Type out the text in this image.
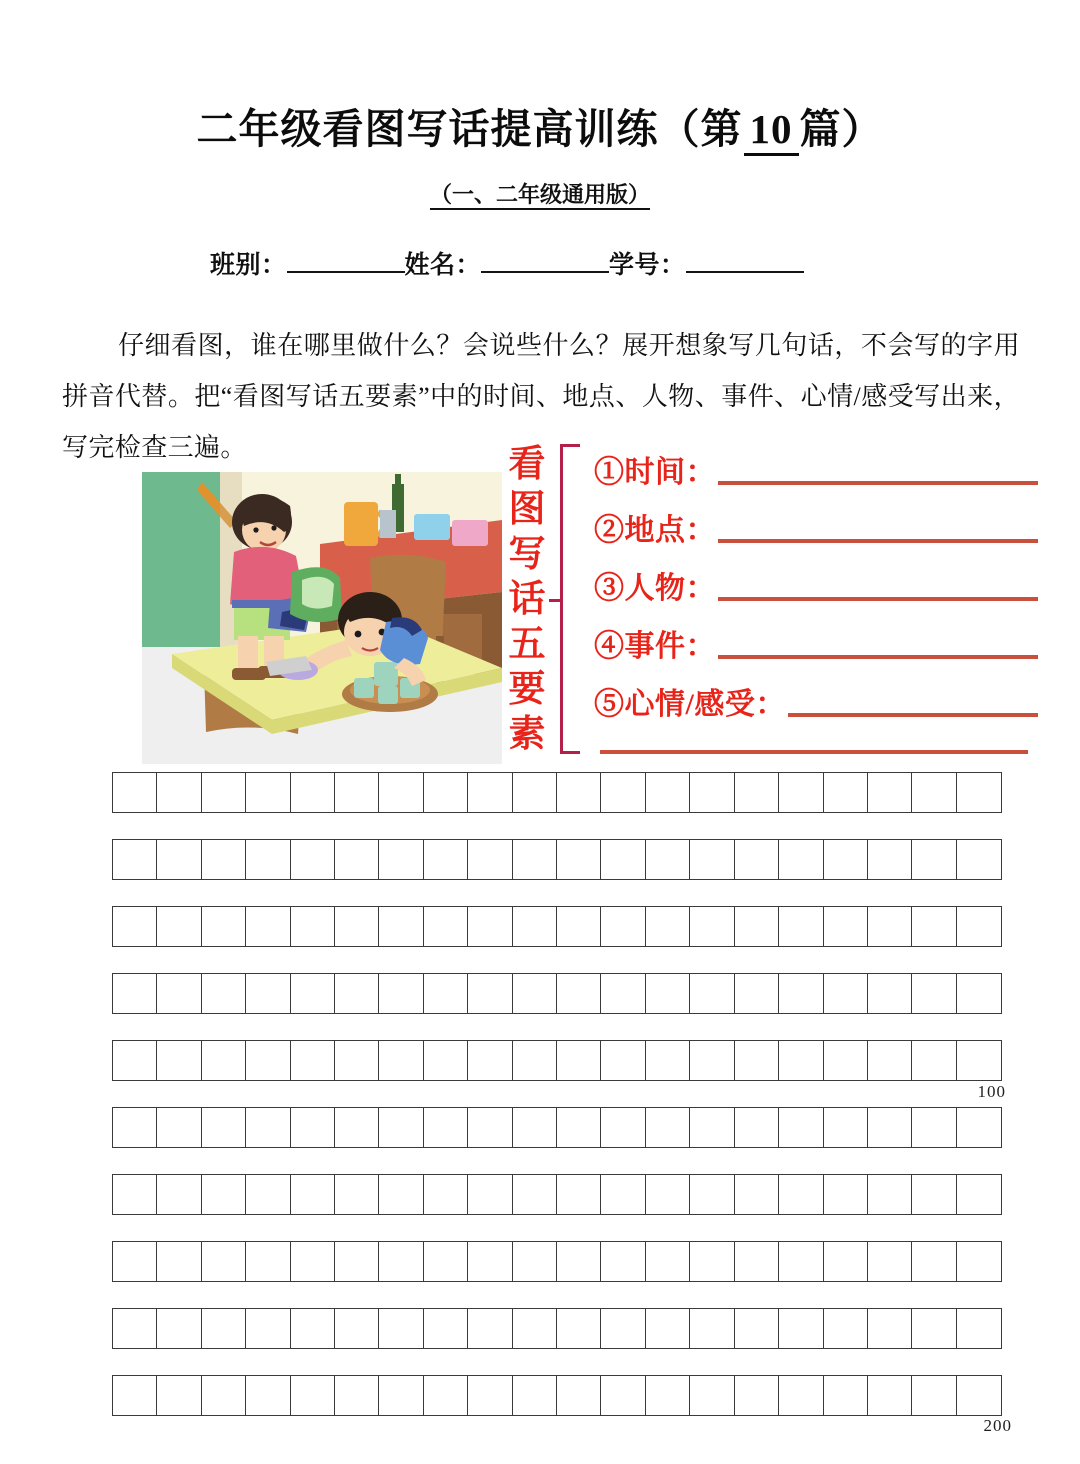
二年级看图写话提高训练（第 10 篇）
（一、二年级通用版）
班别：	姓名：	学号：
仔细看图，谁在哪里做什么？会说些什么？展开想象写几句话，不会写的字用拼音代替。把“看图写话五要素”中的时间、地点、人物、事件、心情/感受写出来，写完检查三遍。	看
图
写
话
五
要
素
①时间：
②地点：
③人物：
④事件：
⑤心情/感受：
100
200
